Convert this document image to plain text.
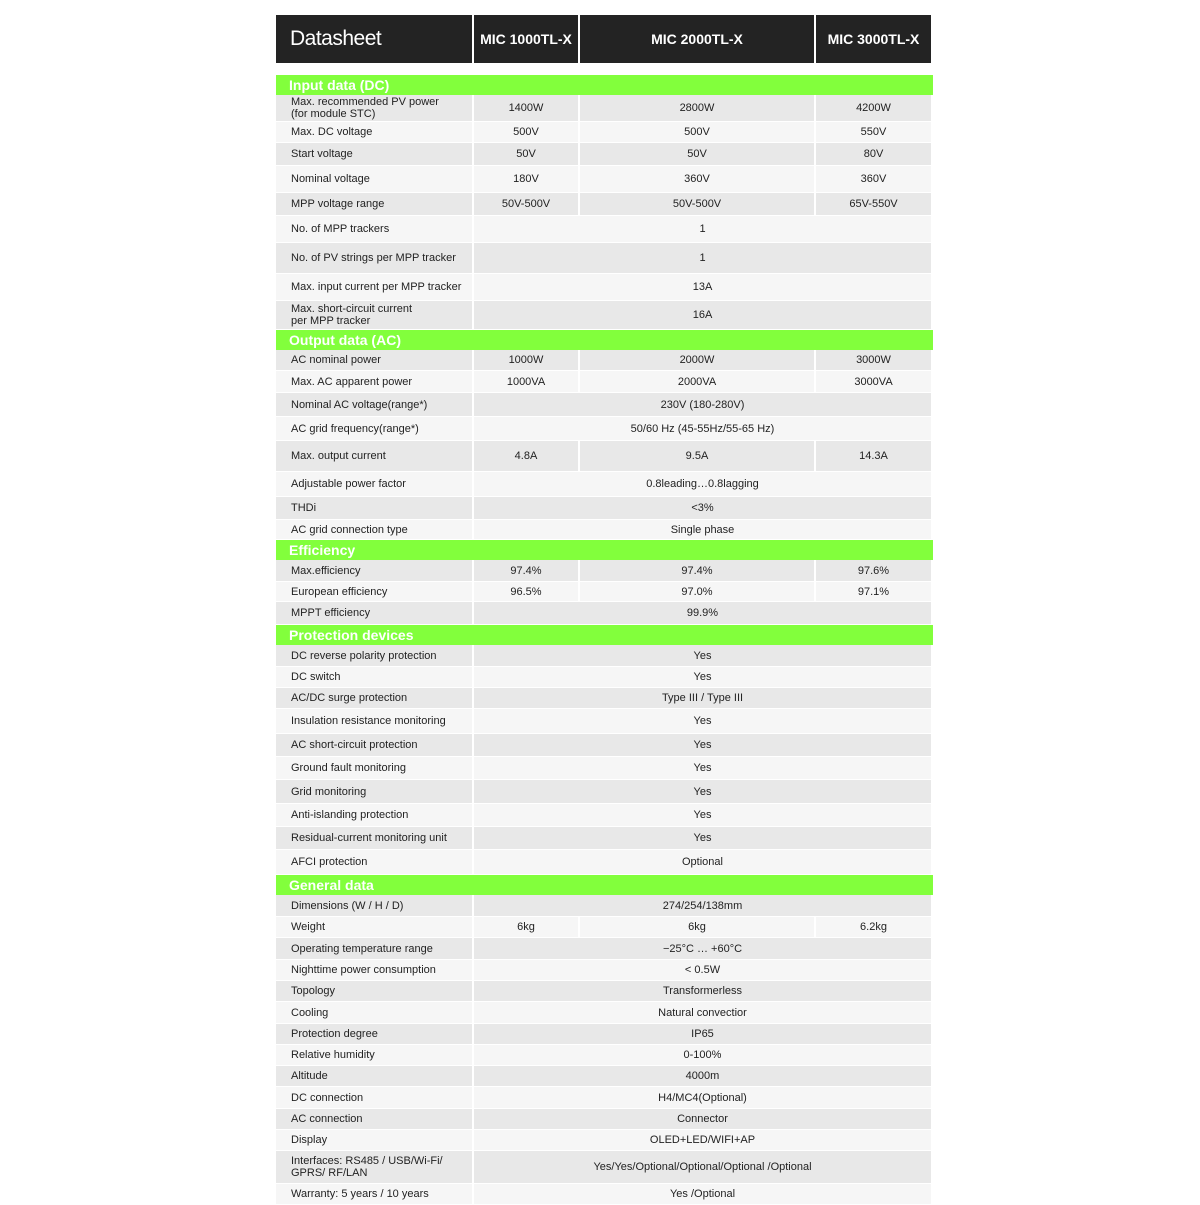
Datasheet	MIC 1000TL-X	MIC 2000TL-X	MIC 3000TL-X
Input data (DC)
Max. recommended PV power
(for module STC)	1400W	2800W	4200W
Max. DC voltage	500V	500V	550V
Start voltage	50V	50V	80V
Nominal voltage	180V	360V	360V
MPP voltage range	50V-500V	50V-500V	65V-550V
No. of MPP trackers	1
No. of PV strings per MPP tracker	1
Max. input current per MPP tracker	13A
Max. short-circuit current
per MPP tracker	16A
Output data (AC)
AC nominal power	1000W	2000W	3000W
Max. AC apparent power	1000VA	2000VA	3000VA
Nominal AC voltage(range*)	230V (180-280V)
AC grid frequency(range*)	50/60 Hz (45-55Hz/55-65 Hz)
Max. output current	4.8A	9.5A	14.3A
Adjustable power factor	0.8leading…0.8lagging
THDi	<3%
AC grid connection type	Single phase
Efficiency
Max.efficiency	97.4%	97.4%	97.6%
European efficiency	96.5%	97.0%	97.1%
MPPT efficiency	99.9%
Protection devices
DC reverse polarity protection	Yes
DC switch	Yes
AC/DC surge protection	Type III / Type III
Insulation resistance monitoring	Yes
AC short-circuit protection	Yes
Ground fault monitoring	Yes
Grid monitoring	Yes
Anti-islanding protection	Yes
Residual-current monitoring unit	Yes
AFCI protection	Optional
General data
Dimensions (W / H / D)	274/254/138mm
Weight	6kg	6kg	6.2kg
Operating temperature range	−25°C … +60°C
Nighttime power consumption	< 0.5W
Topology	Transformerless
Cooling	Natural convectior
Protection degree	IP65
Relative humidity	0-100%
Altitude	4000m
DC connection	H4/MC4(Optional)
AC connection	Connector
Display	OLED+LED/WIFI+AP
Interfaces: RS485 / USB/Wi-Fi/
GPRS/ RF/LAN	Yes/Yes/Optional/Optional/Optional /Optional
Warranty: 5 years / 10 years	Yes /Optional
